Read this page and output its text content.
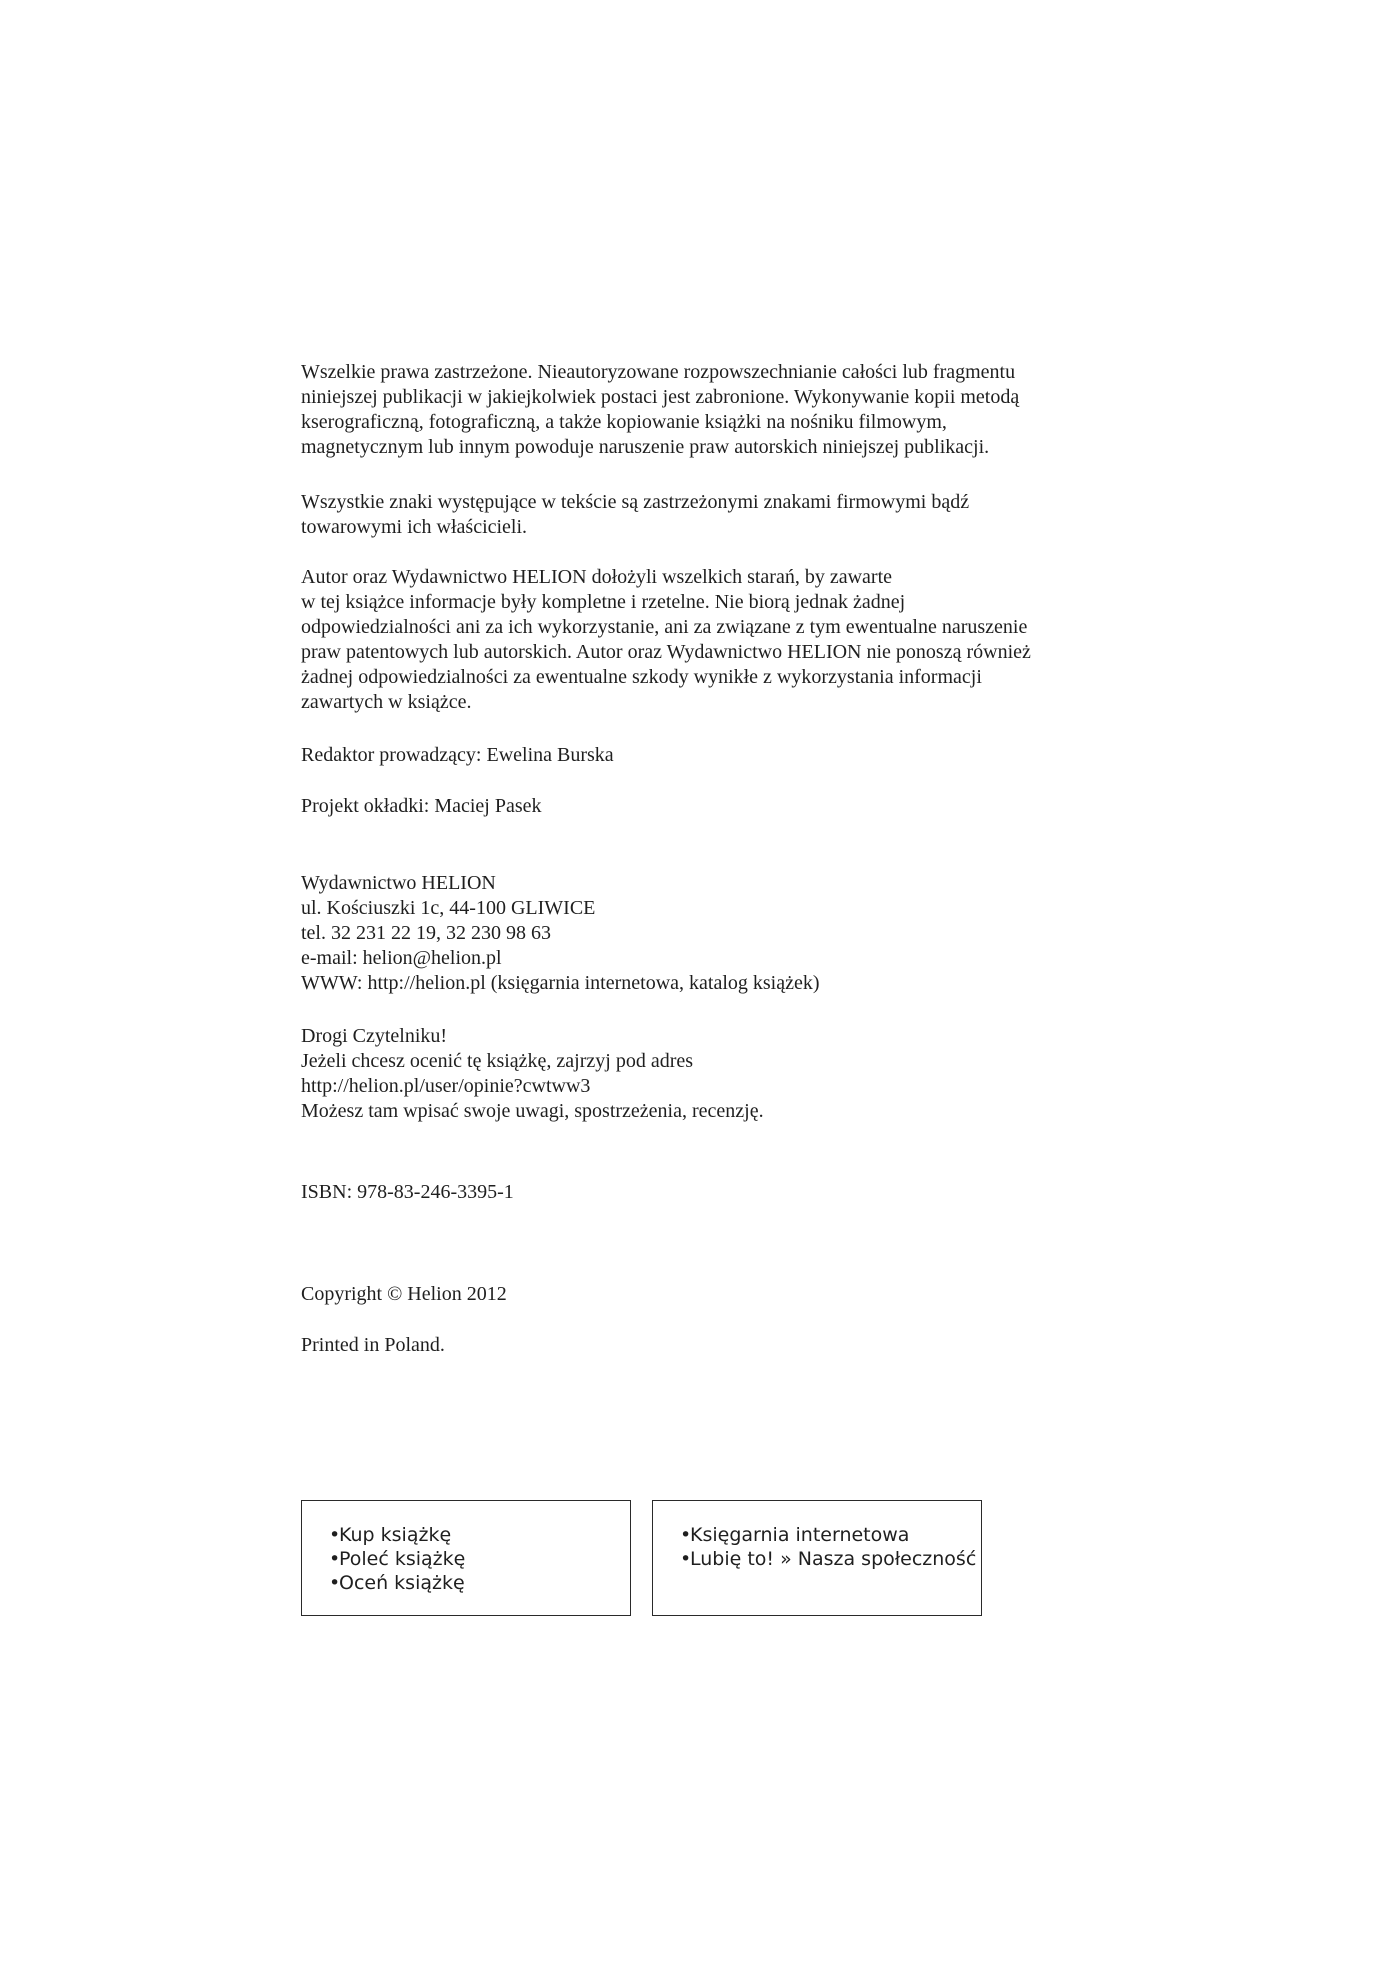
Wszelkie prawa zastrzeżone. Nieautoryzowane rozpowszechnianie całości lub fragmentu
niniejszej publikacji w jakiejkolwiek postaci jest zabronione. Wykonywanie kopii metodą
kserograficzną, fotograficzną, a także kopiowanie książki na nośniku filmowym,
magnetycznym lub innym powoduje naruszenie praw autorskich niniejszej publikacji.

Wszystkie znaki występujące w tekście są zastrzeżonymi znakami firmowymi bądź
towarowymi ich właścicieli.

Autor oraz Wydawnictwo HELION dołożyli wszelkich starań, by zawarte
w tej książce informacje były kompletne i rzetelne. Nie biorą jednak żadnej
odpowiedzialności ani za ich wykorzystanie, ani za związane z tym ewentualne naruszenie
praw patentowych lub autorskich. Autor oraz Wydawnictwo HELION nie ponoszą również
żadnej odpowiedzialności za ewentualne szkody wynikłe z wykorzystania informacji
zawartych w książce.

Redaktor prowadzący: Ewelina Burska

Projekt okładki: Maciej Pasek

Wydawnictwo HELION
ul. Kościuszki 1c, 44-100 GLIWICE
tel. 32 231 22 19, 32 230 98 63
e-mail: helion@helion.pl
WWW: http://helion.pl (księgarnia internetowa, katalog książek)

Drogi Czytelniku!
Jeżeli chcesz ocenić tę książkę, zajrzyj pod adres
http://helion.pl/user/opinie?cwtww3
Możesz tam wpisać swoje uwagi, spostrzeżenia, recenzję.

ISBN: 978-83-246-3395-1

Copyright © Helion 2012

Printed in Poland.

•Kup książkę
•Poleć książkę
•Oceń książkę
•Księgarnia internetowa
•Lubię to! » Nasza społeczność
